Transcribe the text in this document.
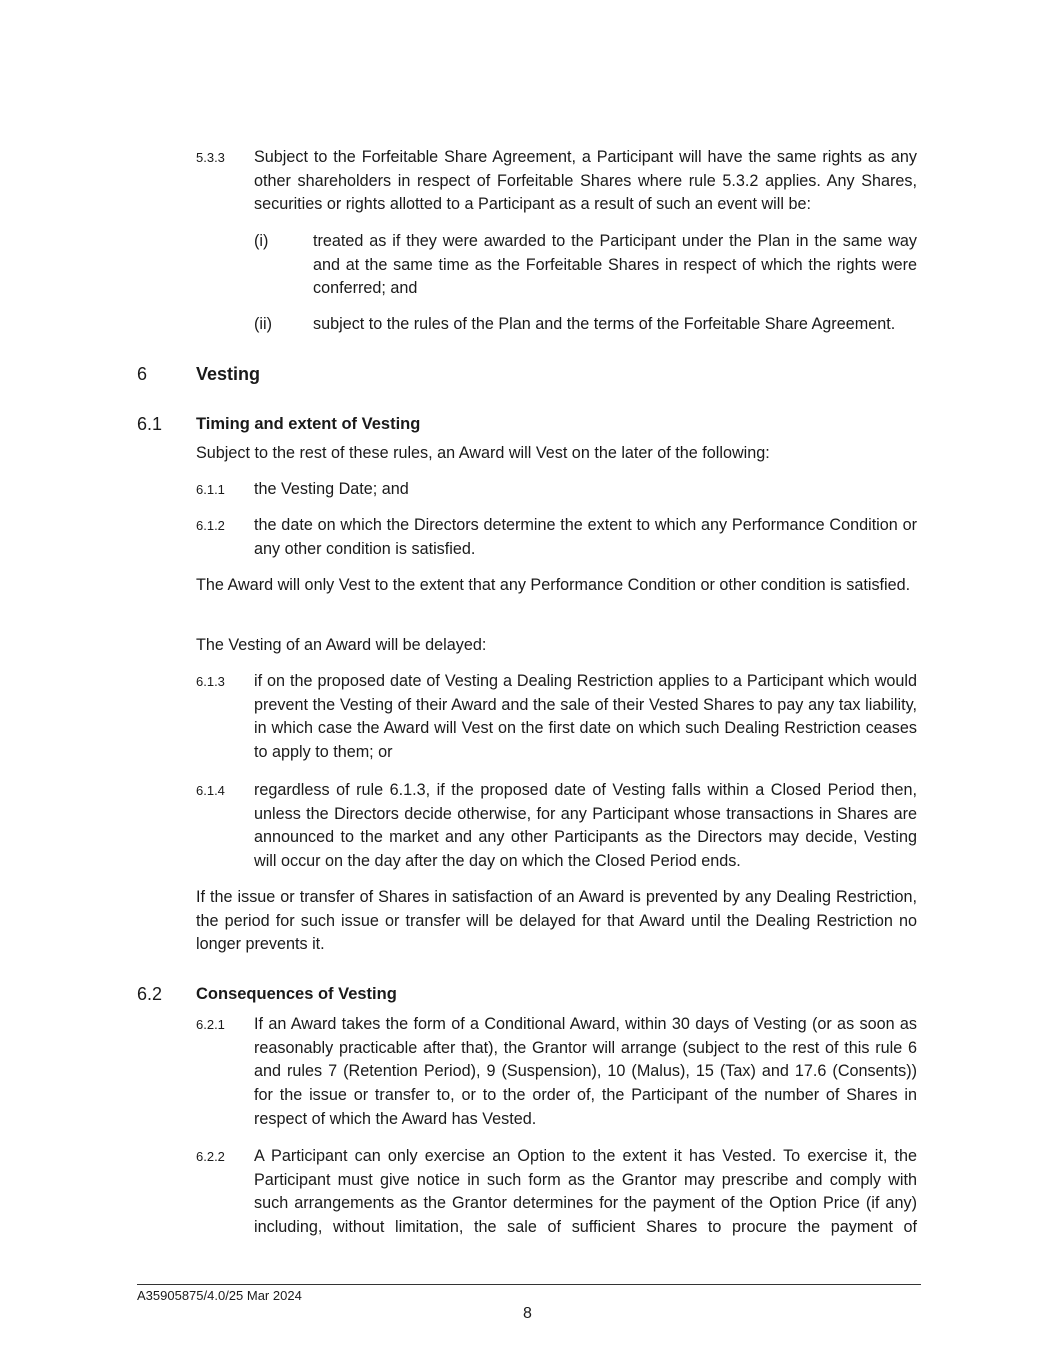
5.3.3 Subject to the Forfeitable Share Agreement, a Participant will have the same rights as any other shareholders in respect of Forfeitable Shares where rule 5.3.2 applies. Any Shares, securities or rights allotted to a Participant as a result of such an event will be:

(i)	treated as if they were awarded to the Participant under the Plan in the same way and at the same time as the Forfeitable Shares in respect of which the rights were conferred; and

(ii)	subject to the rules of the Plan and the terms of the Forfeitable Share Agreement.

6	Vesting
6.1 Timing and extent of Vesting

Subject to the rest of these rules, an Award will Vest on the later of the following:

6.1.1 the Vesting Date; and

6.1.2 the date on which the Directors determine the extent to which any Performance Condition or any other condition is satisfied.

The Award will only Vest to the extent that any Performance Condition or other condition is satisfied.

The Vesting of an Award will be delayed:

6.1.3 if on the proposed date of Vesting a Dealing Restriction applies to a Participant which would prevent the Vesting of their Award and the sale of their Vested Shares to pay any tax liability, in which case the Award will Vest on the first date on which such Dealing Restriction ceases to apply to them; or

6.1.4 regardless of rule 6.1.3, if the proposed date of Vesting falls within a Closed Period then, unless the Directors decide otherwise, for any Participant whose transactions in Shares are announced to the market and any other Participants as the Directors may decide, Vesting will occur on the day after the day on which the Closed Period ends.

If the issue or transfer of Shares in satisfaction of an Award is prevented by any Dealing Restriction, the period for such issue or transfer will be delayed for that Award until the Dealing Restriction no longer prevents it.

6.2 Consequences of Vesting
6.2.1 If an Award takes the form of a Conditional Award, within 30 days of Vesting (or as soon as reasonably practicable after that), the Grantor will arrange (subject to the rest of this rule 6 and rules 7 (Retention Period), 9 (Suspension), 10 (Malus), 15 (Tax) and 17.6 (Consents)) for the issue or transfer to, or to the order of, the Participant of the number of Shares in respect of which the Award has Vested.

6.2.2 A Participant can only exercise an Option to the extent it has Vested. To exercise it, the Participant must give notice in such form as the Grantor may prescribe and comply with such arrangements as the Grantor determines for the payment of the Option Price (if any) including, without limitation, the sale of sufficient Shares to procure the payment of

A35905875/4.0/25 Mar 2024
8
